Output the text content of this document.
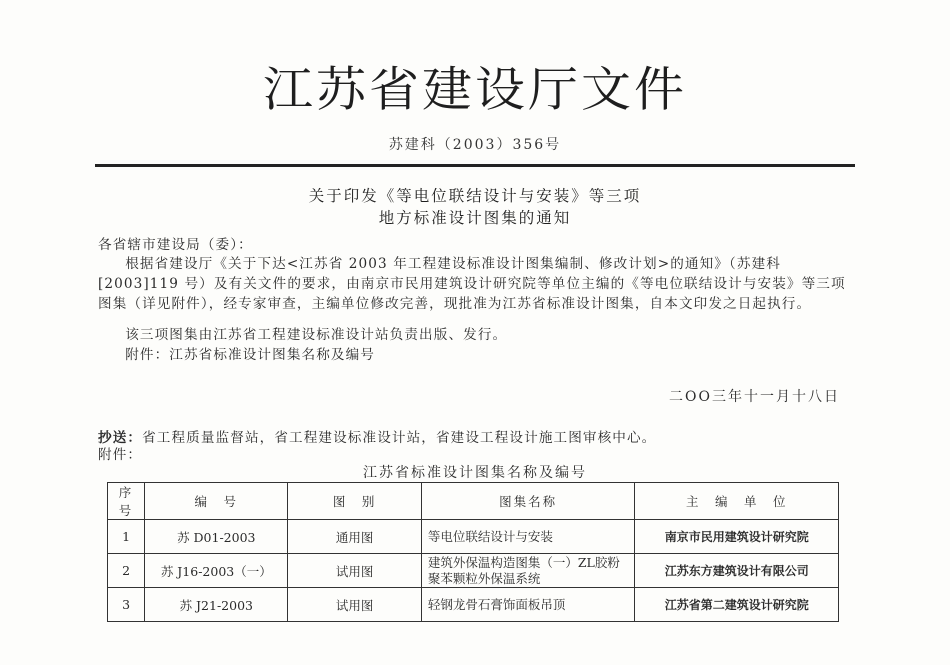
江苏省建设厅文件
苏建科（2003）356号
关于印发《等电位联结设计与安装》等三项
地方标准设计图集的通知
各省辖市建设局（委）：
根据省建设厅《关于下达<江苏省 2003 年工程建设标准设计图集编制、修改计划>的通知》（苏建科[2003]119 号）及有关文件的要求，由南京市民用建筑设计研究院等单位主编的《等电位联结设计与安装》等三项图集（详见附件），经专家审查，主编单位修改完善，现批准为江苏省标准设计图集，自本文印发之日起执行。
该三项图集由江苏省工程建设标准设计站负责出版、发行。
附件：江苏省标准设计图集名称及编号
二OO三年十一月十八日
抄送：省工程质量监督站，省工程建设标准设计站，省建设工程设计施工图审核中心。
附件：
江苏省标准设计图集名称及编号
序号	编　号	图　别	图集名称	主　编　单　位
1	苏 D01-2003	通用图	等电位联结设计与安装	南京市民用建筑设计研究院
2	苏 J16-2003（一）	试用图	建筑外保温构造图集（一）ZL胶粉聚苯颗粒外保温系统	江苏东方建筑设计有限公司
3	苏 J21-2003	试用图	轻钢龙骨石膏饰面板吊顶	江苏省第二建筑设计研究院
